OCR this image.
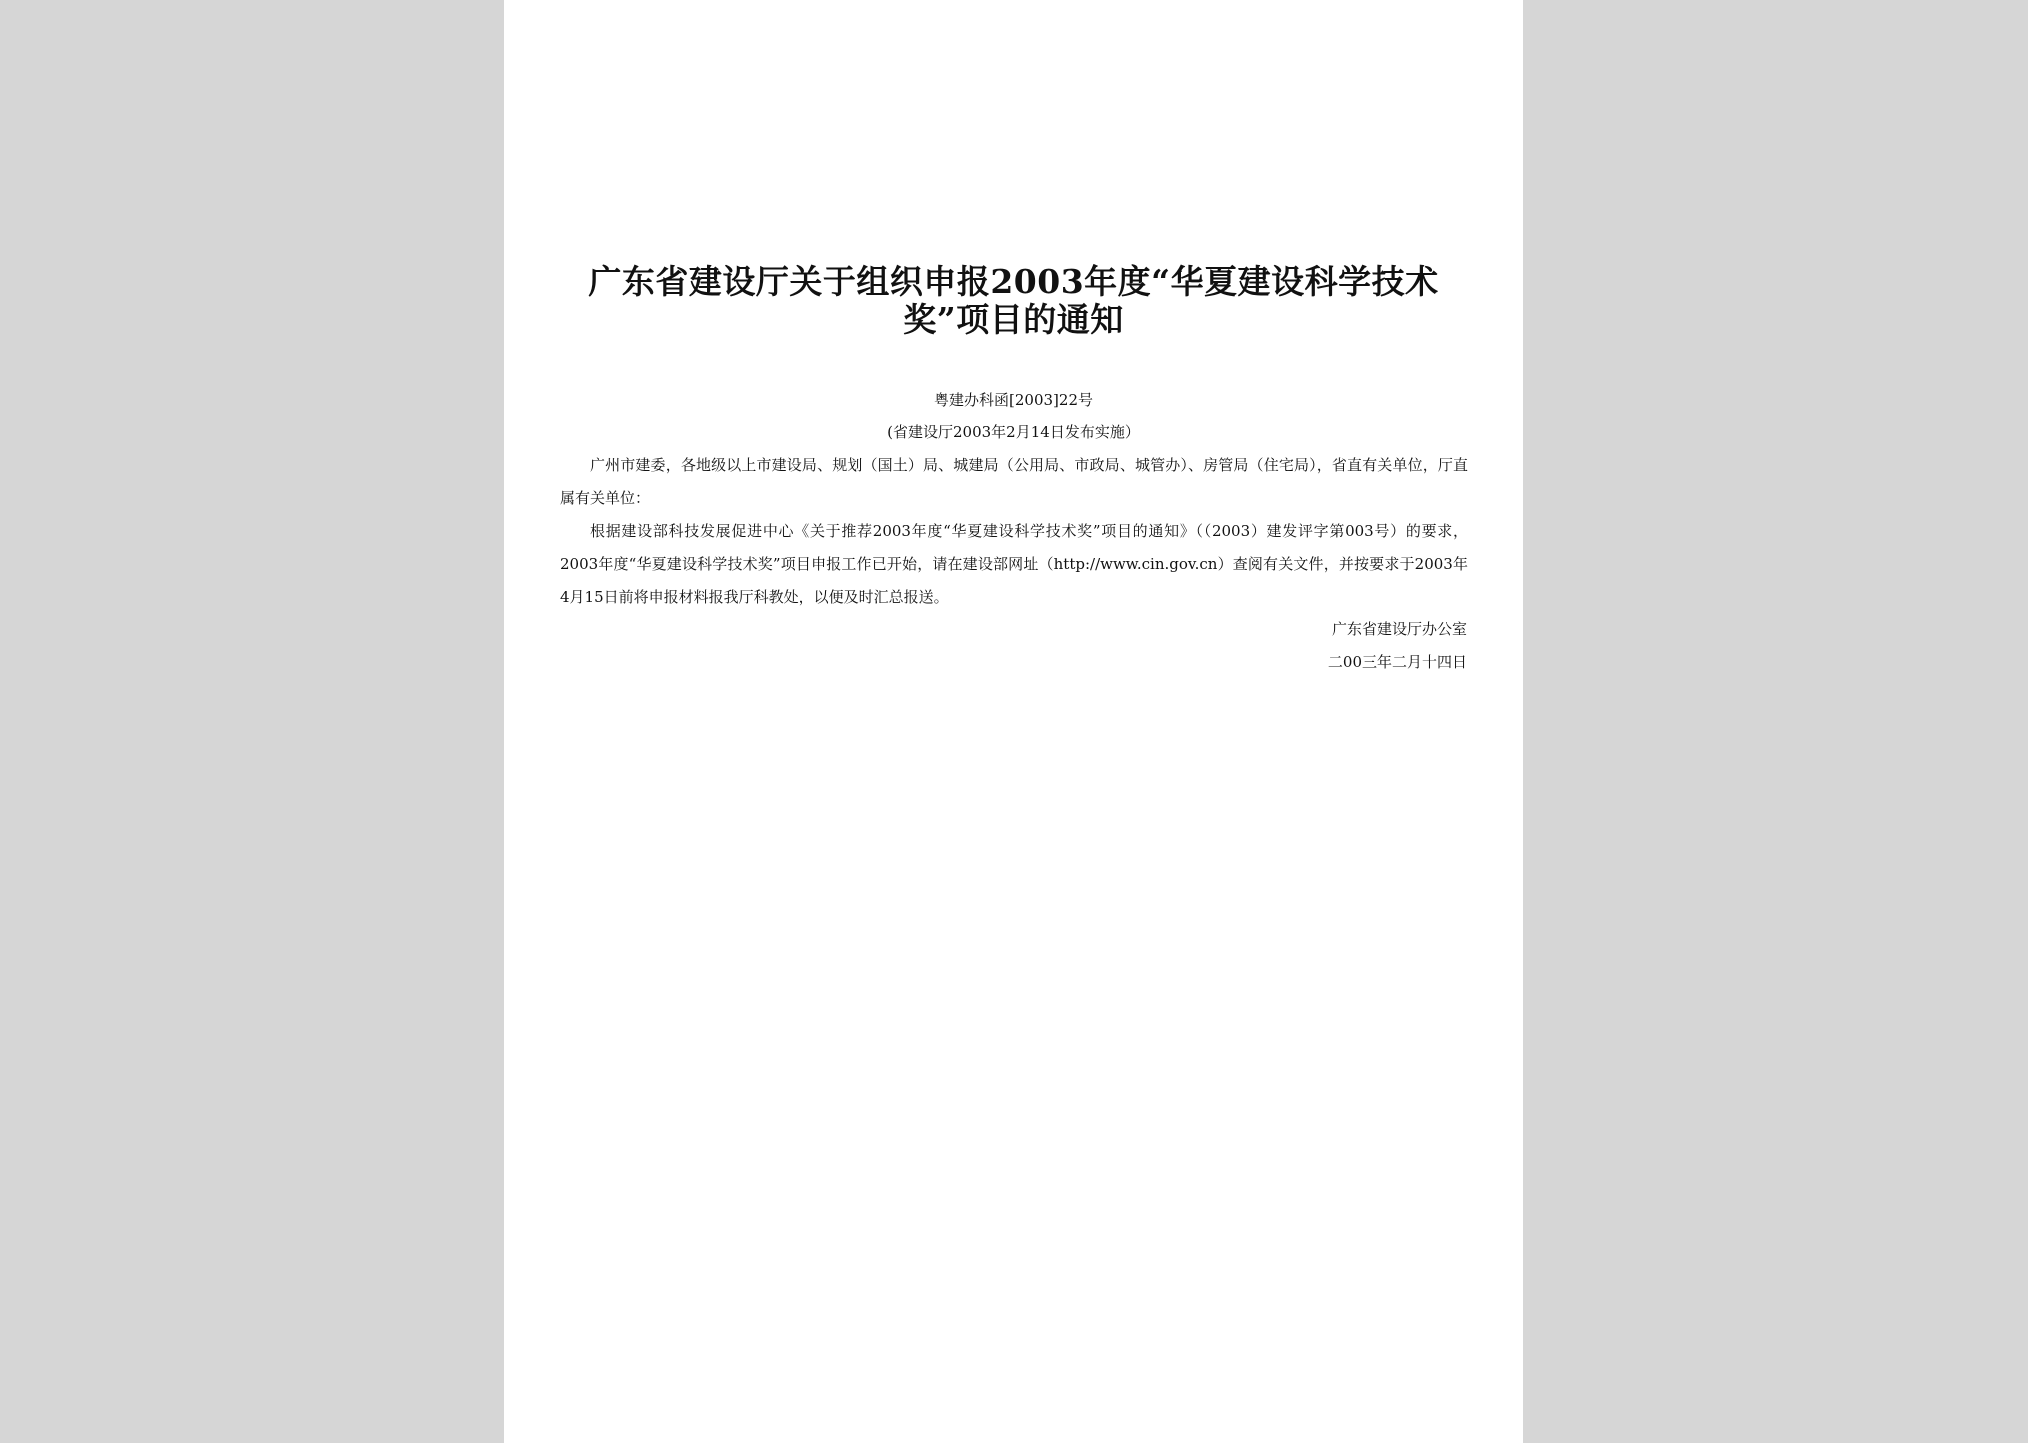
广东省建设厅关于组织申报2003年度“华夏建设科学技术奖”项目的通知
粤建办科函[2003]22号
(省建设厅2003年2月14日发布实施）

广州市建委，各地级以上市建设局、规划（国土）局、城建局（公用局、市政局、城管办）、房管局（住宅局），省直有关单位，厅直属有关单位：

根据建设部科技发展促进中心《关于推荐2003年度“华夏建设科学技术奖”项目的通知》（（2003）建发评字第003号）的要求，2003年度“华夏建设科学技术奖”项目申报工作已开始，请在建设部网址（http://www.cin.gov.cn）查阅有关文件，并按要求于2003年4月15日前将申报材料报我厅科教处，以便及时汇总报送。

广东省建设厅办公室
二00三年二月十四日
